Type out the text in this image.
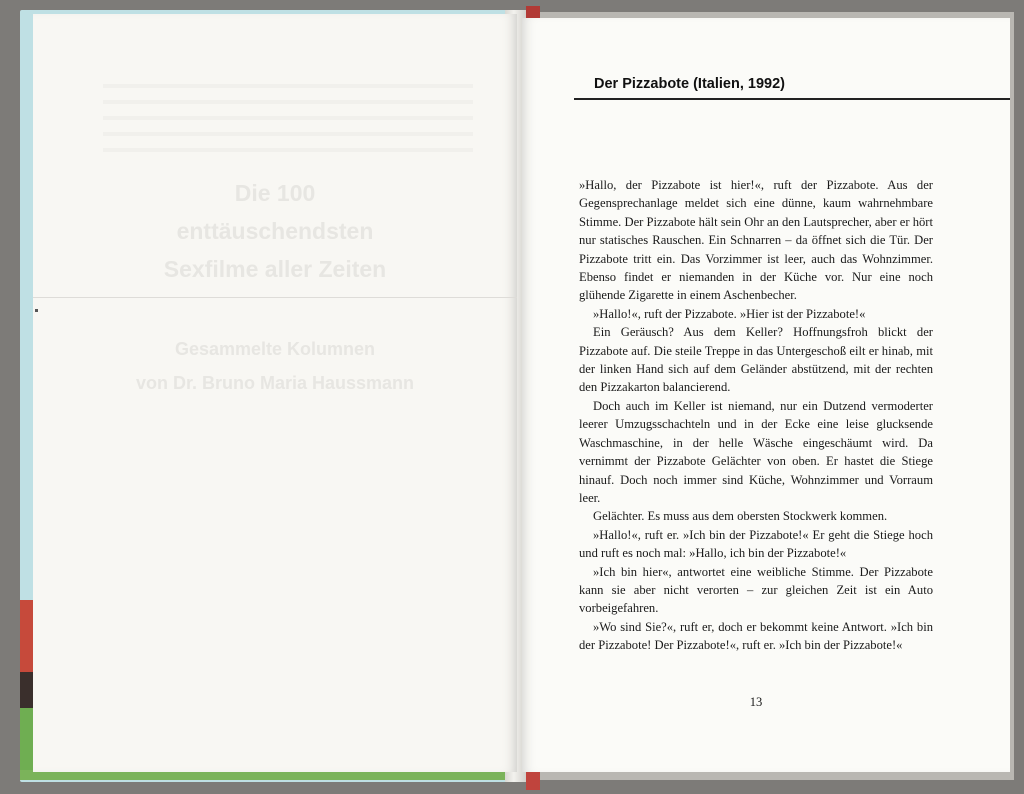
Die 100
enttäuschendsten
Sexfilme aller Zeiten
Gesammelte Kolumnen
von Dr. Bruno Maria Haussmann
Der Pizzabote (Italien, 1992)

»Hallo, der Pizzabote ist hier!«, ruft der Pizzabote. Aus der Gegensprechanlage meldet sich eine dünne, kaum wahrnehmbare Stimme. Der Pizzabote hält sein Ohr an den Lautsprecher, aber er hört nur statisches Rauschen. Ein Schnarren – da öffnet sich die Tür. Der Pizzabote tritt ein. Das Vorzimmer ist leer, auch das Wohnzimmer. Ebenso findet er niemanden in der Küche vor. Nur eine noch glühende Zigarette in einem Aschenbecher.

»Hallo!«, ruft der Pizzabote. »Hier ist der Pizzabote!«

Ein Geräusch? Aus dem Keller? Hoffnungsfroh blickt der Pizzabote auf. Die steile Treppe in das Untergeschoß eilt er hinab, mit der linken Hand sich auf dem Geländer abstützend, mit der rechten den Pizzakarton balancierend.

Doch auch im Keller ist niemand, nur ein Dutzend vermoderter leerer Umzugsschachteln und in der Ecke eine leise glucksende Waschmaschine, in der helle Wäsche eingeschäumt wird. Da vernimmt der Pizzabote Gelächter von oben. Er hastet die Stiege hinauf. Doch noch immer sind Küche, Wohnzimmer und Vorraum leer.

Gelächter. Es muss aus dem obersten Stockwerk kommen.

»Hallo!«, ruft er. »Ich bin der Pizzabote!« Er geht die Stiege hoch und ruft es noch mal: »Hallo, ich bin der Pizzabote!«

»Ich bin hier«, antwortet eine weibliche Stimme. Der Pizzabote kann sie aber nicht verorten – zur gleichen Zeit ist ein Auto vorbeigefahren.

»Wo sind Sie?«, ruft er, doch er bekommt keine Antwort. »Ich bin der Pizzabote! Der Pizzabote!«, ruft er. »Ich bin der Pizzabote!«

13
